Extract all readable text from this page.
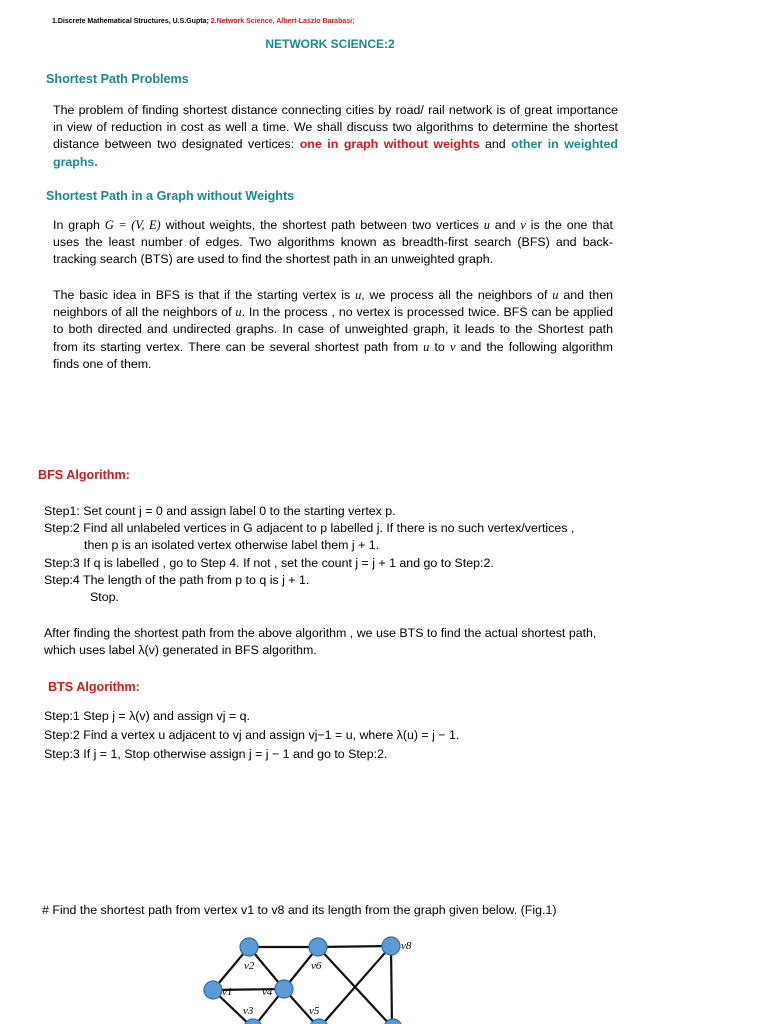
1.Discrete Mathematical Structures, U.S.Gupta; 2.Network Science, Albert-Laszlo Barabasi;
NETWORK SCIENCE:2
Shortest Path Problems
The problem of finding shortest distance connecting cities by road/ rail network is of great importance in view of reduction in cost as well a time. We shall discuss two algorithms to determine the shortest distance between two designated vertices: one in graph without weights and other in weighted graphs.
Shortest Path in a Graph without Weights
In graph G = (V, E) without weights, the shortest path between two vertices u and v is the one that uses the least number of edges. Two algorithms known as breadth-first search (BFS) and back-tracking search (BTS) are used to find the shortest path in an unweighted graph.
The basic idea in BFS is that if the starting vertex is u, we process all the neighbors of u and then neighbors of all the neighbors of u. In the process , no vertex is processed twice. BFS can be applied to both directed and undirected graphs. In case of unweighted graph, it leads to the Shortest path from its starting vertex. There can be several shortest path from u to v and the following algorithm finds one of them.
BFS Algorithm:
Step1: Set count j = 0 and assign label 0 to the starting vertex p.
Step:2 Find all unlabeled vertices in G adjacent to p labelled j. If there is no such vertex/vertices ,
then p is an isolated vertex otherwise label them j + 1.
Step:3 If q is labelled , go to Step 4. If not , set the count j = j + 1 and go to Step:2.
Step:4 The length of the path from p to q is j + 1.
Stop.
After finding the shortest path from the above algorithm , we use BTS to find the actual shortest path, which uses label λ(v) generated in BFS algorithm.
BTS Algorithm:
Step:1 Step j = λ(v) and assign vj = q.
Step:2 Find a vertex u adjacent to vj and assign vj−1 = u, where λ(u) = j − 1.
Step:3 If j = 1, Stop otherwise assign j = j − 1 and go to Step:2.
# Find the shortest path from vertex v1 to v8 and its length from the graph given below. (Fig.1)
v8
v2	v6
v1	v4
v3	v5
